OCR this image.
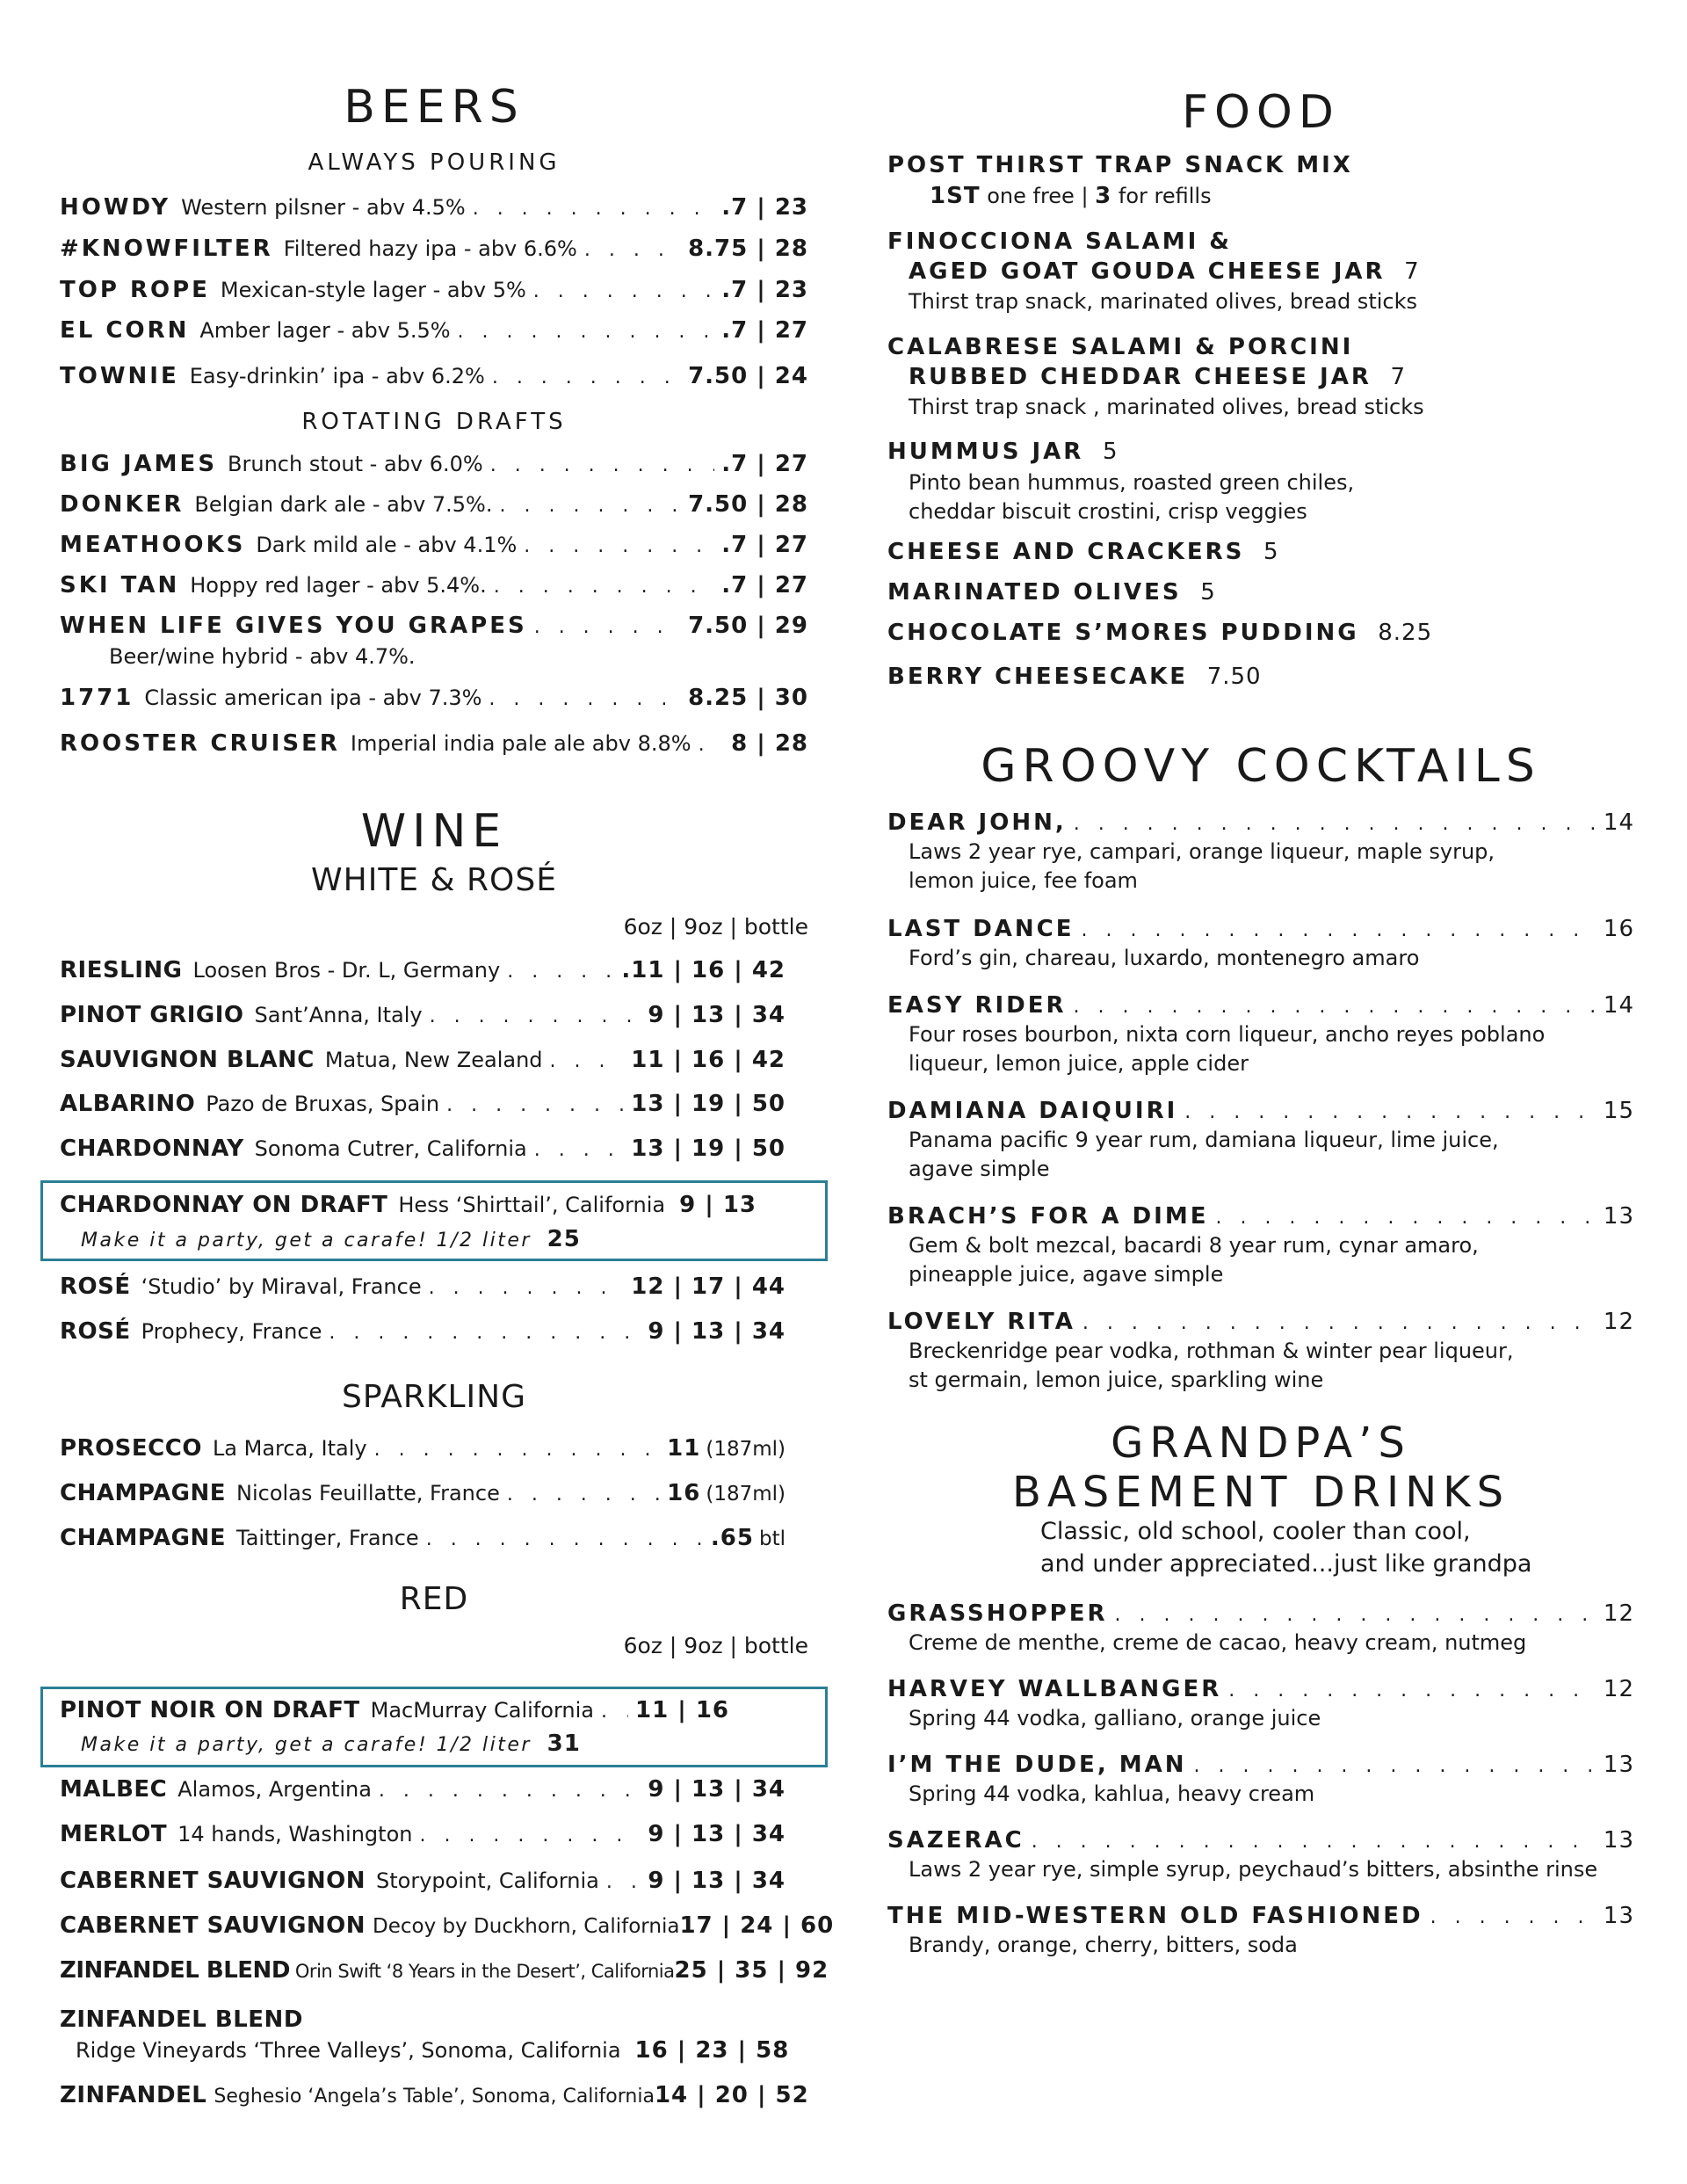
BEERS
ALWAYS POURING
HOWDY Western pilsner - abv 4.5% . . .	.7 | 23
#KNOWFILTER Filtered hazy ipa - abv 6.6% . . .	8.75 | 28
TOP ROPE Mexican-style lager - abv 5% . . .	.7 | 23
EL CORN Amber lager - abv 5.5% . . .	.7 | 27
TOWNIE Easy-drinkin’ ipa - abv 6.2% . . .	7.50 | 24
ROTATING DRAFTS
BIG JAMES Brunch stout - abv 6.0% . . .	.7 | 27
DONKER Belgian dark ale - abv 7.5%. . . .	7.50 | 28
MEATHOOKS Dark mild ale - abv 4.1% . . .	.7 | 27
SKI TAN Hoppy red lager - abv 5.4%. . . .	.7 | 27
WHEN LIFE GIVES YOU GRAPES . . .	7.50 | 29
Beer/wine hybrid - abv 4.7%.
1771 Classic american ipa - abv 7.3% . . .	8.25 | 30
ROOSTER CRUISER Imperial india pale ale abv 8.8% . . . 8 | 28
WINE
WHITE & ROSÉ
6oz | 9oz | bottle
RIESLING Loosen Bros - Dr. L, Germany . . .	.11 | 16 | 42
PINOT GRIGIO Sant’Anna, Italy . . .	9 | 13 | 34
SAUVIGNON BLANC Matua, New Zealand . . .	11 | 16 | 42
ALBARINO Pazo de Bruxas, Spain . . .	13 | 19 | 50
CHARDONNAY Sonoma Cutrer, California . . .	13 | 19 | 50
CHARDONNAY ON DRAFT Hess ‘Shirttail’, California 9 | 13
Make it a party, get a carafe! 1/2 liter 25
ROSÉ ‘Studio’ by Miraval, France . . .	12 | 17 | 44
ROSÉ Prophecy, France . . .	9 | 13 | 34
SPARKLING
PROSECCO La Marca, Italy . . .	11 (187ml)
CHAMPAGNE Nicolas Feuillatte, France . . .	16 (187ml)
CHAMPAGNE Taittinger, France . . .	.65 btl
RED
6oz | 9oz | bottle
PINOT NOIR ON DRAFT MacMurray California . . . 11 | 16
Make it a party, get a carafe! 1/2 liter 31
MALBEC Alamos, Argentina . . .	9 | 13 | 34
MERLOT 14 hands, Washington . . .	9 | 13 | 34
CABERNET SAUVIGNON Storypoint, California . . . 9 | 13 | 34
CABERNET SAUVIGNON Decoy by Duckhorn, California 17 | 24 | 60
ZINFANDEL BLEND Orin Swift ‘8 Years in the Desert’, California 25 | 35 | 92
ZINFANDEL BLEND
Ridge Vineyards ‘Three Valleys’, Sonoma, California 16 | 23 | 58
ZINFANDEL Seghesio ‘Angela’s Table’, Sonoma, California 14 | 20 | 52
FOOD
POST THIRST TRAP SNACK MIX
1ST one free | 3 for refills
FINOCCIONA SALAMI &
AGED GOAT GOUDA CHEESE JAR 7
Thirst trap snack, marinated olives, bread sticks
CALABRESE SALAMI & PORCINI
RUBBED CHEDDAR CHEESE JAR 7
Thirst trap snack , marinated olives, bread sticks
HUMMUS JAR 5
Pinto bean hummus, roasted green chiles,
cheddar biscuit crostini, crisp veggies
CHEESE AND CRACKERS 5
MARINATED OLIVES 5
CHOCOLATE S’MORES PUDDING 8.25
BERRY CHEESECAKE 7.50
GROOVY COCKTAILS
DEAR JOHN, . . .	14
Laws 2 year rye, campari, orange liqueur, maple syrup,
lemon juice, fee foam
LAST DANCE . . .	16
Ford’s gin, chareau, luxardo, montenegro amaro
EASY RIDER . . .	14
Four roses bourbon, nixta corn liqueur, ancho reyes poblano
liqueur, lemon juice, apple cider
DAMIANA DAIQUIRI . . .	15
Panama pacific 9 year rum, damiana liqueur, lime juice,
agave simple
BRACH’S FOR A DIME . . .	13
Gem & bolt mezcal, bacardi 8 year rum, cynar amaro,
pineapple juice, agave simple
LOVELY RITA . . .	12
Breckenridge pear vodka, rothman & winter pear liqueur,
st germain, lemon juice, sparkling wine
GRANDPA’S
BASEMENT DRINKS
Classic, old school, cooler than cool,
and under appreciated...just like grandpa
GRASSHOPPER . . .	12
Creme de menthe, creme de cacao, heavy cream, nutmeg
HARVEY WALLBANGER . . .	12
Spring 44 vodka, galliano, orange juice
I’M THE DUDE, MAN . . .	13
Spring 44 vodka, kahlua, heavy cream
SAZERAC . . .	13
Laws 2 year rye, simple syrup, peychaud’s bitters, absinthe rinse
THE MID-WESTERN OLD FASHIONED . . .	13
Brandy, orange, cherry, bitters, soda
